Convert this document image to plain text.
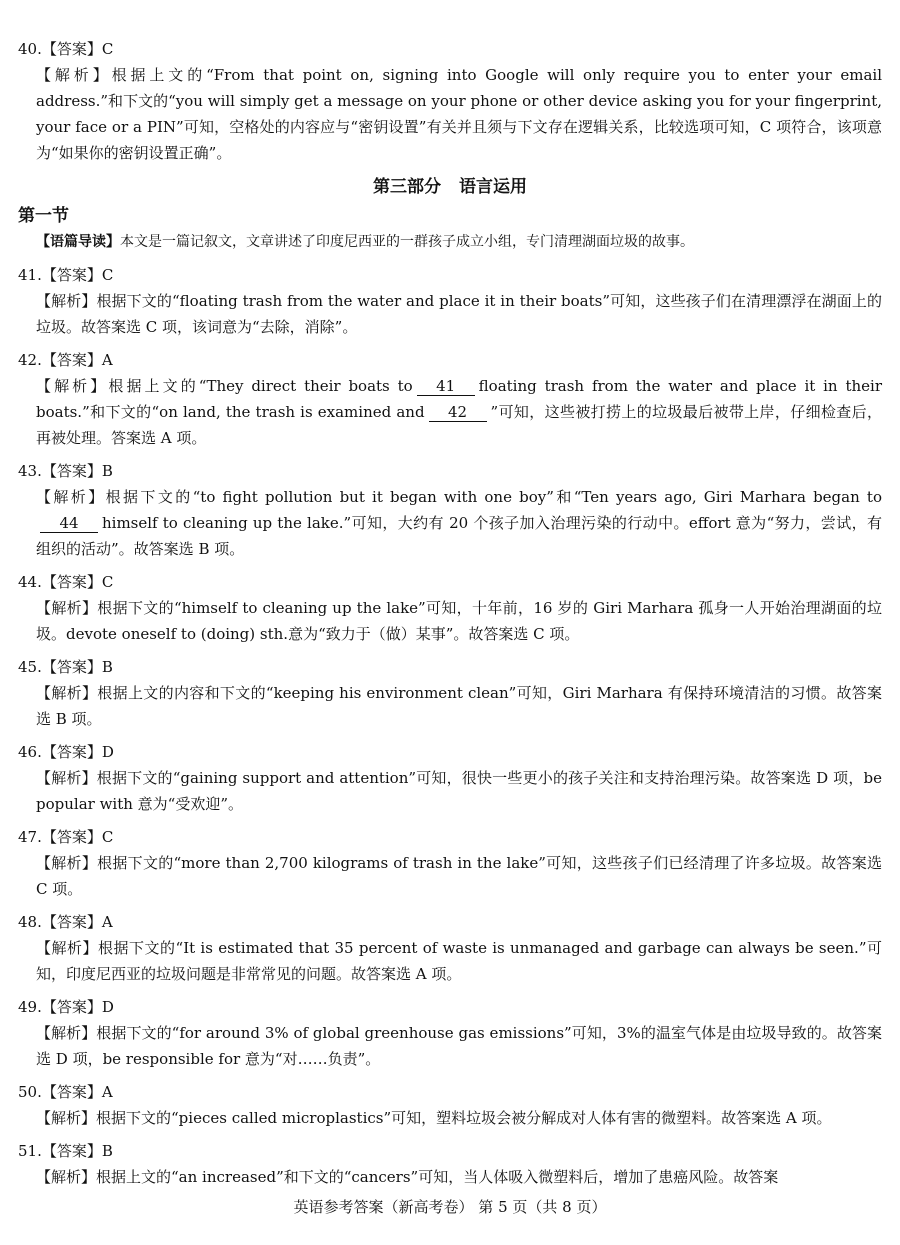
40.【答案】C
【解析】根据上文的“From that point on, signing into Google will only require you to enter your email address.”和下文的“you will simply get a message on your phone or other device asking you for your fingerprint, your face or a PIN”可知，空格处的内容应与“密钥设置”有关并且须与下文存在逻辑关系，比较选项可知，C 项符合，该项意为“如果你的密钥设置正确”。
第三部分 语言运用
第一节
【语篇导读】本文是一篇记叙文，文章讲述了印度尼西亚的一群孩子成立小组，专门清理湖面垃圾的故事。
41.【答案】C
【解析】根据下文的“floating trash from the water and place it in their boats”可知，这些孩子们在清理漂浮在湖面上的垃圾。故答案选 C 项，该词意为“去除，消除”。
42.【答案】A
【解析】根据上文的“They direct their boats to 41 floating trash from the water and place it in their boats.”和下文的“on land, the trash is examined and 42 ”可知，这些被打捞上的垃圾最后被带上岸，仔细检查后，再被处理。答案选 A 项。
43.【答案】B
【解析】根据下文的“to fight pollution but it began with one boy”和“Ten years ago, Giri Marhara began to44 himself to cleaning up the lake.”可知，大约有 20 个孩子加入治理污染的行动中。effort 意为“努力，尝试，有组织的活动”。故答案选 B 项。
44.【答案】C
【解析】根据下文的“himself to cleaning up the lake”可知，十年前，16 岁的 Giri Marhara 孤身一人开始治理湖面的垃圾。devote oneself to (doing) sth.意为“致力于（做）某事”。故答案选 C 项。
45.【答案】B
【解析】根据上文的内容和下文的“keeping his environment clean”可知，Giri Marhara 有保持环境清洁的习惯。故答案选 B 项。
46.【答案】D
【解析】根据下文的“gaining support and attention”可知，很快一些更小的孩子关注和支持治理污染。故答案选 D 项，be popular with 意为“受欢迎”。
47.【答案】C
【解析】根据下文的“more than 2,700 kilograms of trash in the lake”可知，这些孩子们已经清理了许多垃圾。故答案选 C 项。
48.【答案】A
【解析】根据下文的“It is estimated that 35 percent of waste is unmanaged and garbage can always be seen.”可知，印度尼西亚的垃圾问题是非常常见的问题。故答案选 A 项。
49.【答案】D
【解析】根据下文的“for around 3% of global greenhouse gas emissions”可知，3%的温室气体是由垃圾导致的。故答案选 D 项，be responsible for 意为“对……负责”。
50.【答案】A
【解析】根据下文的“pieces called microplastics”可知，塑料垃圾会被分解成对人体有害的微塑料。故答案选 A 项。
51.【答案】B
【解析】根据上文的“an increased”和下文的“cancers”可知，当人体吸入微塑料后，增加了患癌风险。故答案
英语参考答案（新高考卷） 第 5 页（共 8 页）
